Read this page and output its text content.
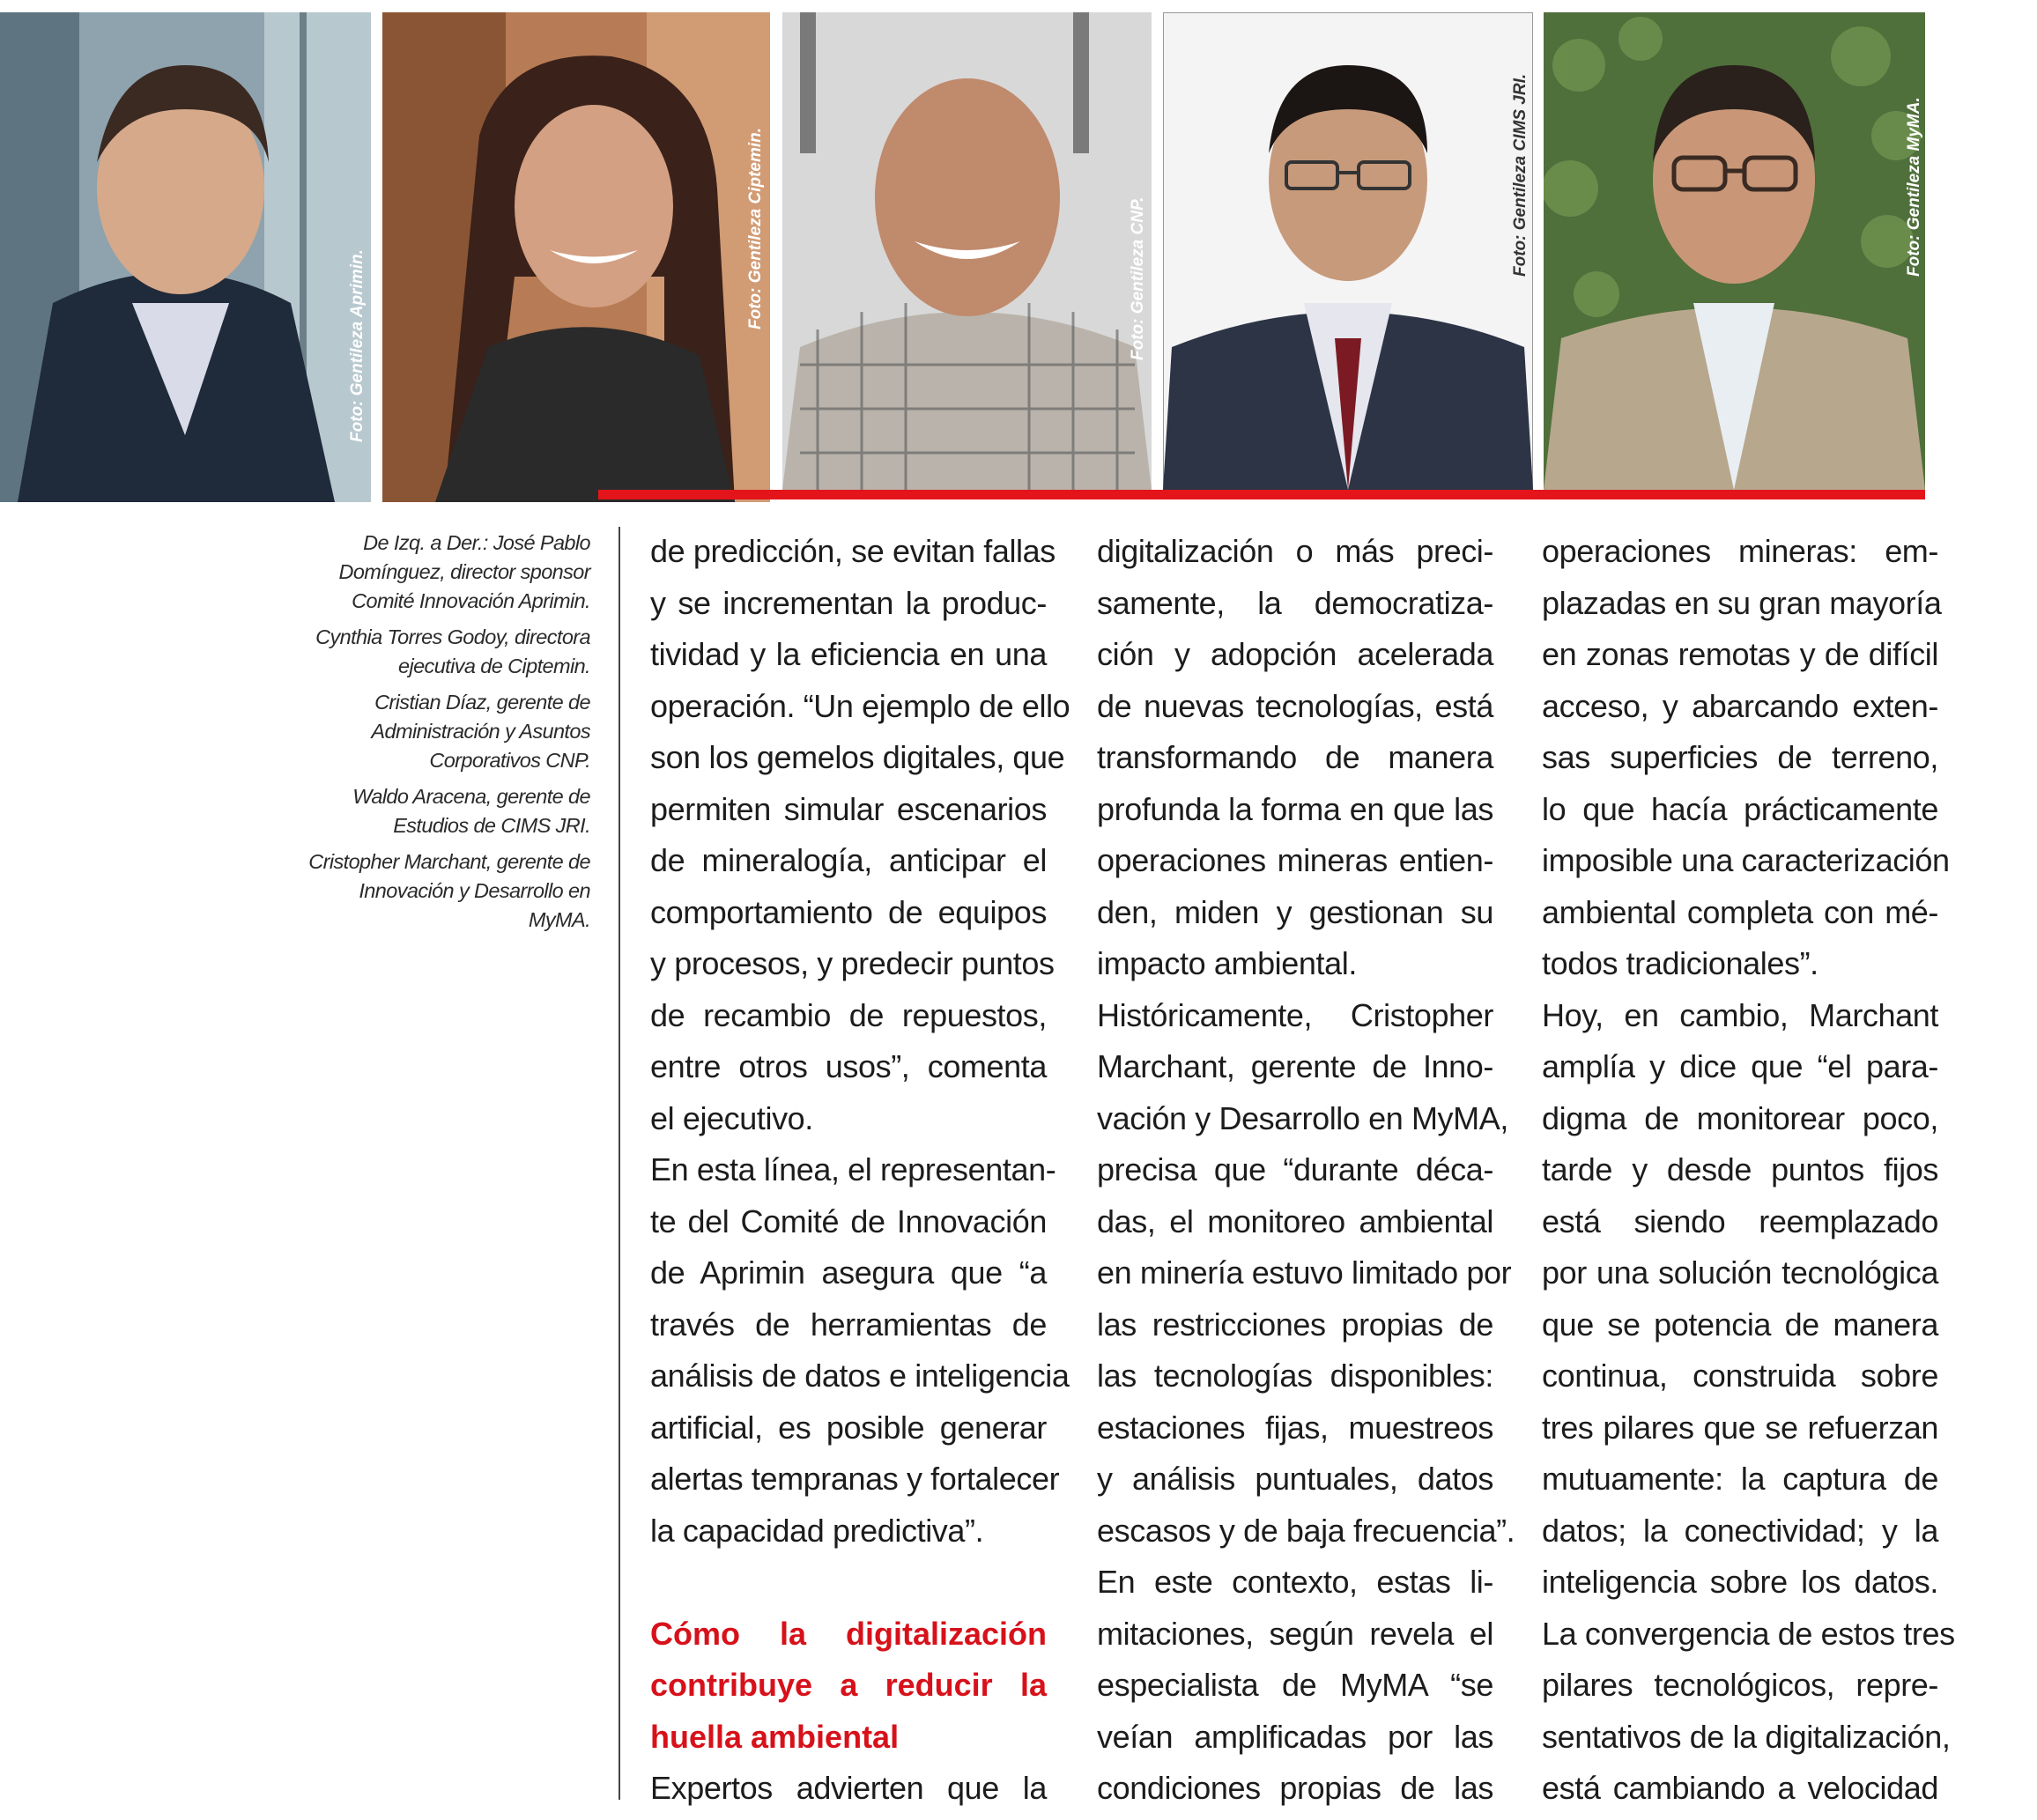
Foto: Gentileza Aprimin.
Foto: Gentileza Ciptemin.	Foto: Gentileza CNP.
Foto: Gentileza CIMS JRI.	Foto: Gentileza MyMA.

De Izq. a Der.: José Pablo Domínguez, director sponsor Comité Innovación Aprimin.

Cynthia Torres Godoy, directora ejecutiva de Ciptemin.

Cristian Díaz, gerente de Administración y Asuntos Corporativos CNP.

Waldo Aracena, gerente de Estudios de CIMS JRI.

Cristopher Marchant, gerente de Innovación y Desarrollo en MyMA.

de predicción, se evitan fallas
y se incrementan la produc-
tividad y la eficiencia en una
operación. “Un ejemplo de ello
son los gemelos digitales, que
permiten simular escenarios
de mineralogía, anticipar el
comportamiento de equipos
y procesos, y predecir puntos
de recambio de repuestos,
entre otros usos”, comenta
el ejecutivo.
En esta línea, el representan-
te del Comité de Innovación
de Aprimin asegura que “a
través de herramientas de
análisis de datos e inteligencia
artificial, es posible generar
alertas tempranas y fortalecer
la capacidad predictiva”.
Cómo la digitalización
contribuye a reducir la
huella ambiental
Expertos advierten que la
digitalización o más preci-
samente, la democratiza-
ción y adopción acelerada
de nuevas tecnologías, está
transformando de manera
profunda la forma en que las
operaciones mineras entien-
den, miden y gestionan su
impacto ambiental.
Históricamente, Cristopher
Marchant, gerente de Inno-
vación y Desarrollo en MyMA,
precisa que “durante déca-
das, el monitoreo ambiental
en minería estuvo limitado por
las restricciones propias de
las tecnologías disponibles:
estaciones fijas, muestreos
y análisis puntuales, datos
escasos y de baja frecuencia”.
En este contexto, estas li-
mitaciones, según revela el
especialista de MyMA “se
veían amplificadas por las
condiciones propias de las
operaciones mineras: em-
plazadas en su gran mayoría
en zonas remotas y de difícil
acceso, y abarcando exten-
sas superficies de terreno,
lo que hacía prácticamente
imposible una caracterización
ambiental completa con mé-
todos tradicionales”.
Hoy, en cambio, Marchant
amplía y dice que “el para-
digma de monitorear poco,
tarde y desde puntos fijos
está siendo reemplazado
por una solución tecnológica
que se potencia de manera
continua, construida sobre
tres pilares que se refuerzan
mutuamente: la captura de
datos; la conectividad; y la
inteligencia sobre los datos.
La convergencia de estos tres
pilares tecnológicos, repre-
sentativos de la digitalización,
está cambiando a velocidad
